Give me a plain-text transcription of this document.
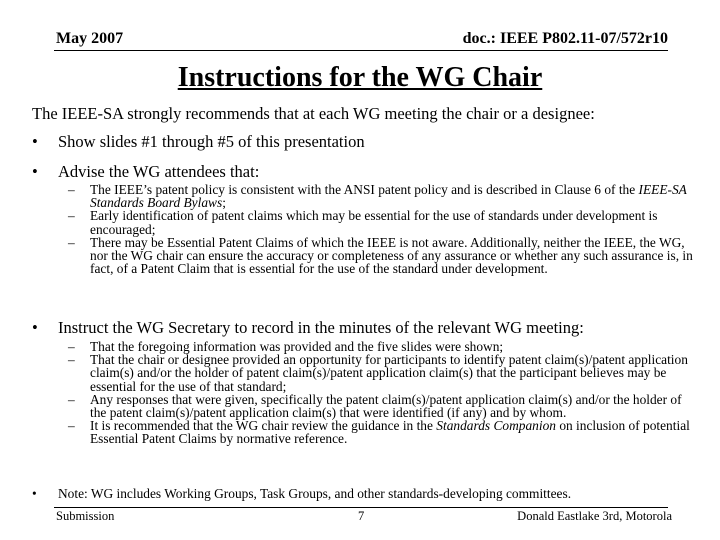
May 2007	doc.: IEEE P802.11-07/572r10
Instructions for the WG Chair
The IEEE-SA strongly recommends that at each WG meeting the chair or a designee:
• Show slides #1 through #5 of this presentation
• Advise the WG attendees that:
– The IEEE’s patent policy is consistent with the ANSI patent policy and is described in Clause 6 of the IEEE-SA Standards Board Bylaws;
– Early identification of patent claims which may be essential for the use of standards under development is encouraged;
– There may be Essential Patent Claims of which the IEEE is not aware. Additionally, neither the IEEE, the WG, nor the WG chair can ensure the accuracy or completeness of any assurance or whether any such assurance is, in fact, of a Patent Claim that is essential for the use of the standard under development.
• Instruct the WG Secretary to record in the minutes of the relevant WG meeting:
– That the foregoing information was provided and the five slides were shown;
– That the chair or designee provided an opportunity for participants to identify patent claim(s)/patent application claim(s) and/or the holder of patent claim(s)/patent application claim(s) that the participant believes may be essential for the use of that standard;
– Any responses that were given, specifically the patent claim(s)/patent application claim(s) and/or the holder of the patent claim(s)/patent application claim(s) that were identified (if any) and by whom.
– It is recommended that the WG chair review the guidance in the Standards Companion on inclusion of potential Essential Patent Claims by normative reference.
• Note: WG includes Working Groups, Task Groups, and other standards-developing committees.
Submission	7	Donald Eastlake 3rd, Motorola
